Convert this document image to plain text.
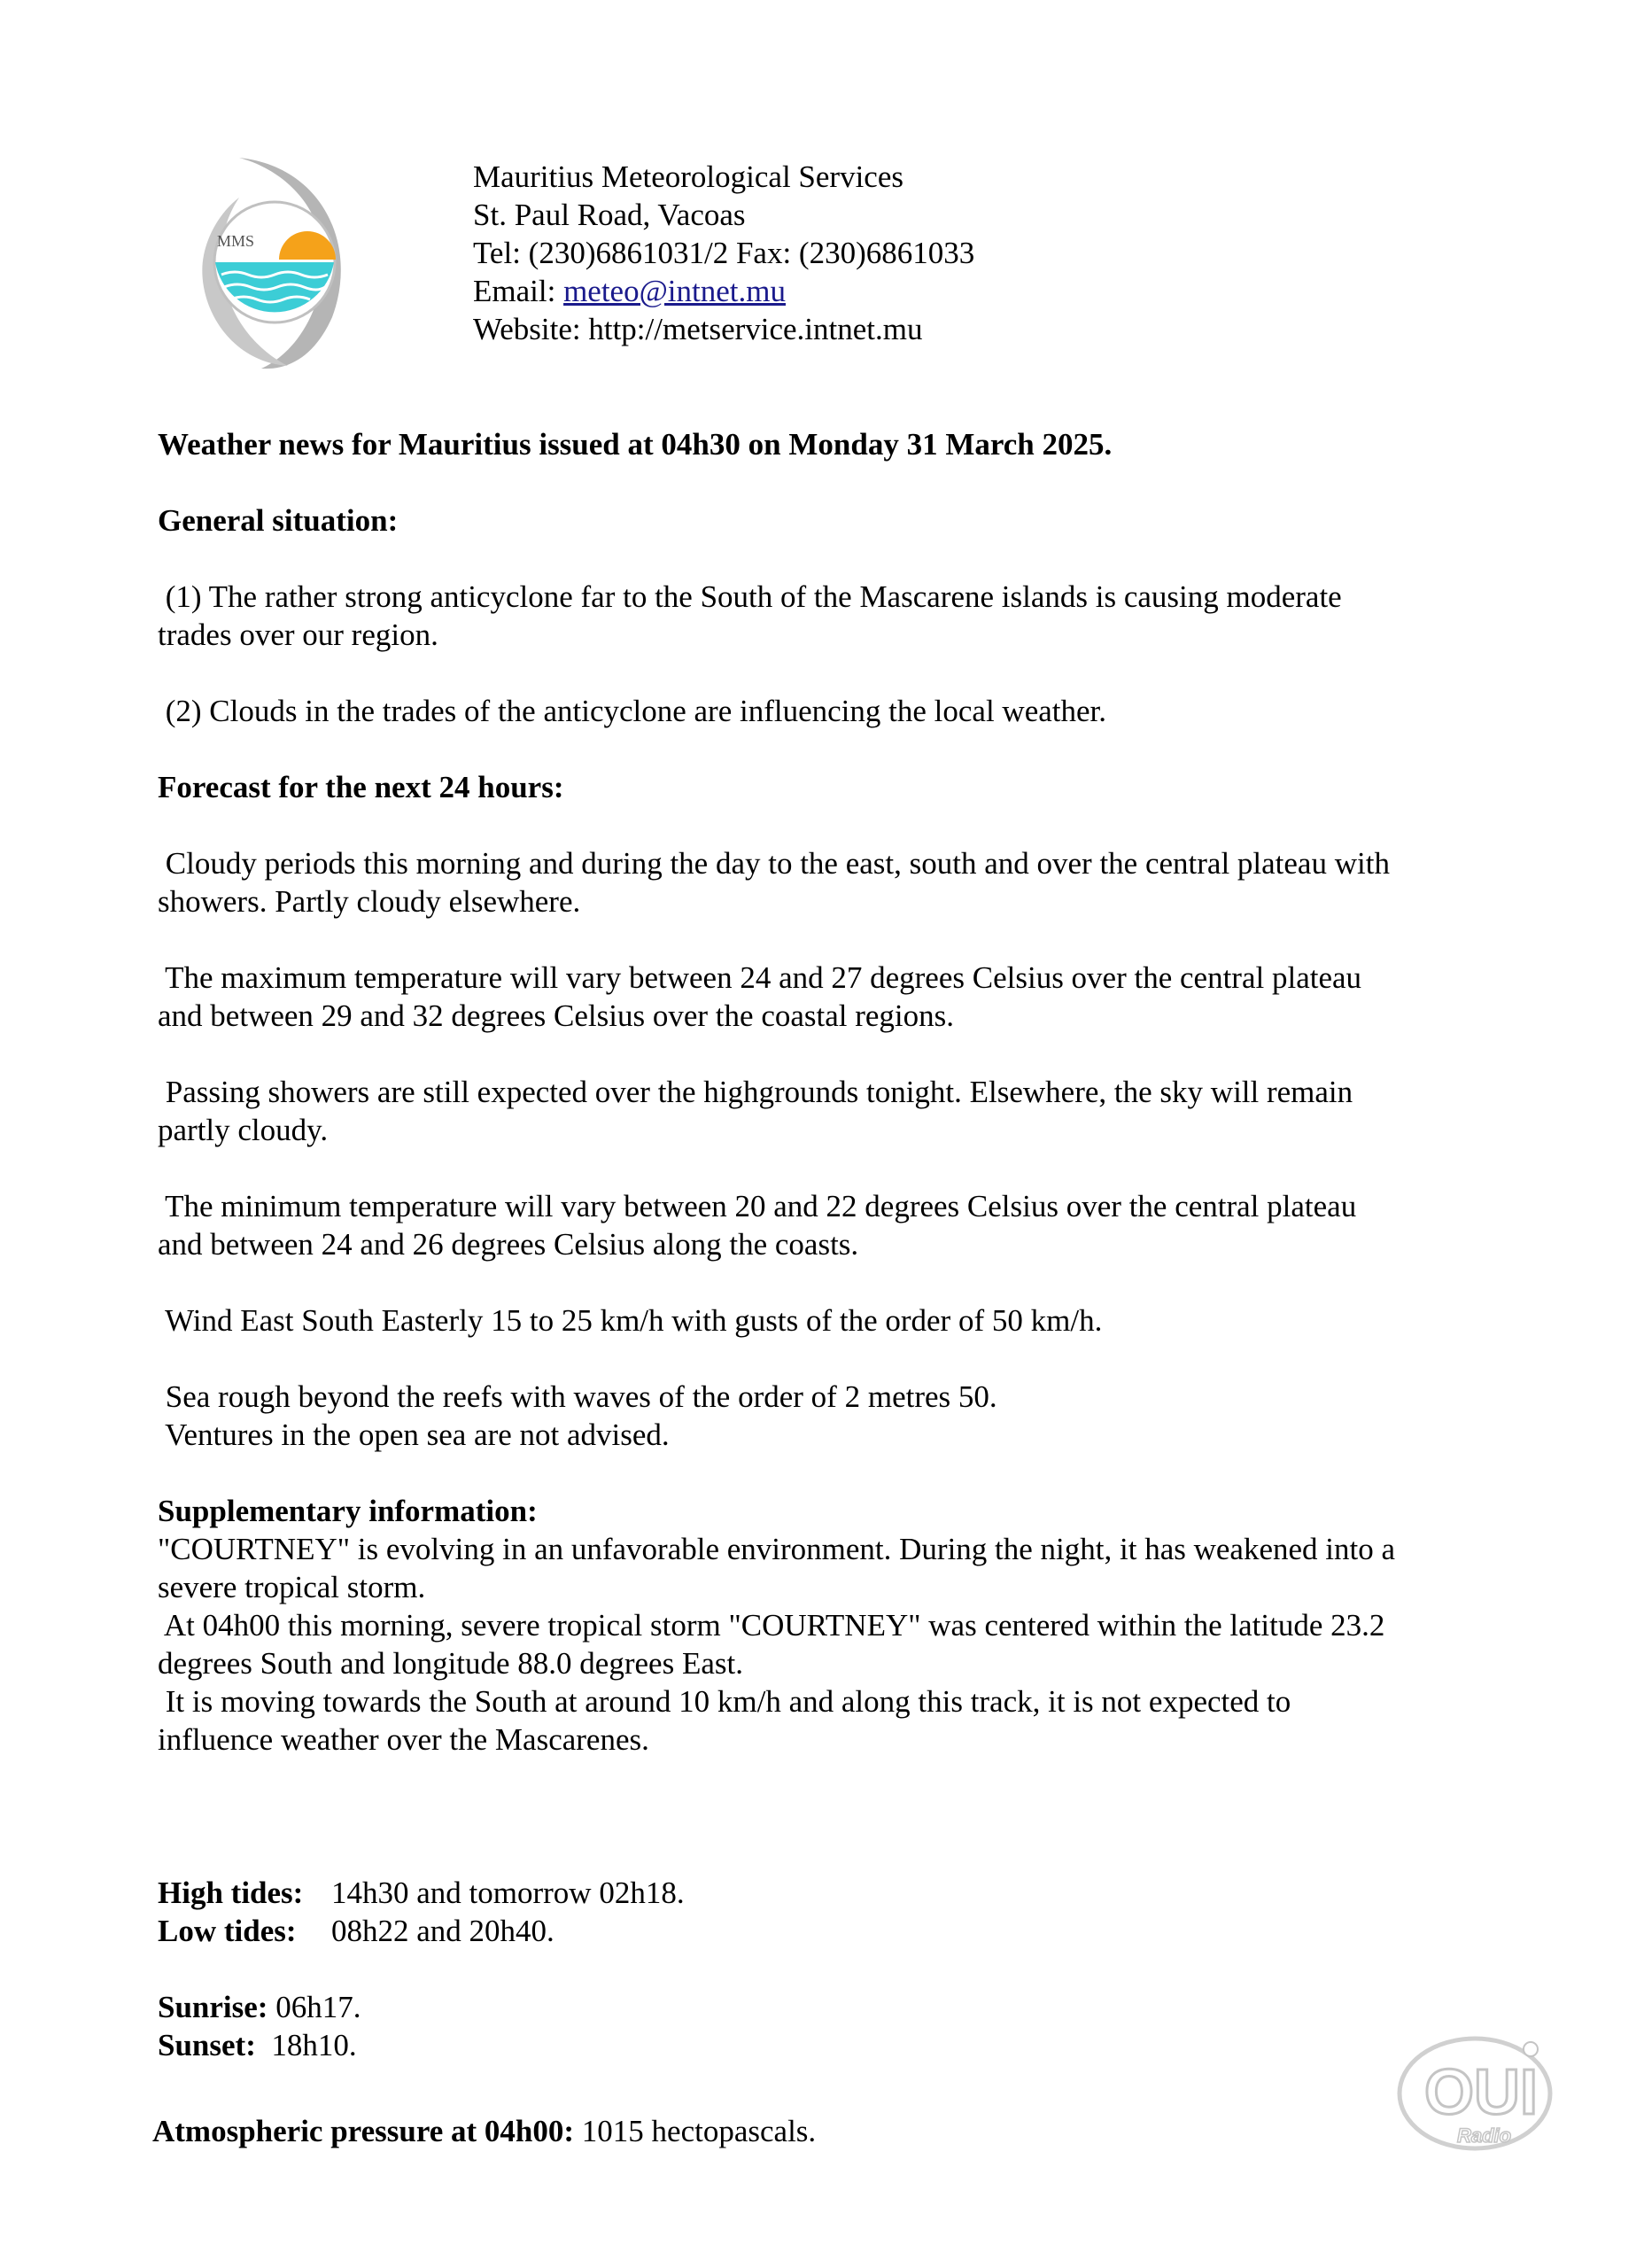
MMS
Mauritius Meteorological Services
St. Paul Road, Vacoas
Tel: (230)6861031/2 Fax: (230)6861033
Email: meteo@intnet.mu
Website: http://metservice.intnet.mu
Weather news for Mauritius issued at 04h30 on Monday 31 March 2025.
General situation:
(1) The rather strong anticyclone far to the South of the Mascarene islands is causing moderate
trades over our region.
(2) Clouds in the trades of the anticyclone are influencing the local weather.
Forecast for the next 24 hours:
Cloudy periods this morning and during the day to the east, south and over the central plateau with
showers. Partly cloudy elsewhere.
The maximum temperature will vary between 24 and 27 degrees Celsius over the central plateau
and between 29 and 32 degrees Celsius over the coastal regions.
Passing showers are still expected over the highgrounds tonight. Elsewhere, the sky will remain
partly cloudy.
The minimum temperature will vary between 20 and 22 degrees Celsius over the central plateau
and between 24 and 26 degrees Celsius along the coasts.
Wind East South Easterly 15 to 25 km/h with gusts of the order of 50 km/h.
Sea rough beyond the reefs with waves of the order of 2 metres 50.
Ventures in the open sea are not advised.
Supplementary information:
"COURTNEY" is evolving in an unfavorable environment. During the night, it has weakened into a
severe tropical storm.
At 04h00 this morning, severe tropical storm "COURTNEY" was centered within the latitude 23.2
degrees South and longitude 88.0 degrees East.
It is moving towards the South at around 10 km/h and along this track, it is not expected to
influence weather over the Mascarenes.
High tides: 14h30 and tomorrow 02h18.
Low tides: 08h22 and 20h40.
Sunrise: 06h17.
Sunset:  18h10.
Atmospheric pressure at 04h00: 1015 hectopascals.
OUI
Radio
